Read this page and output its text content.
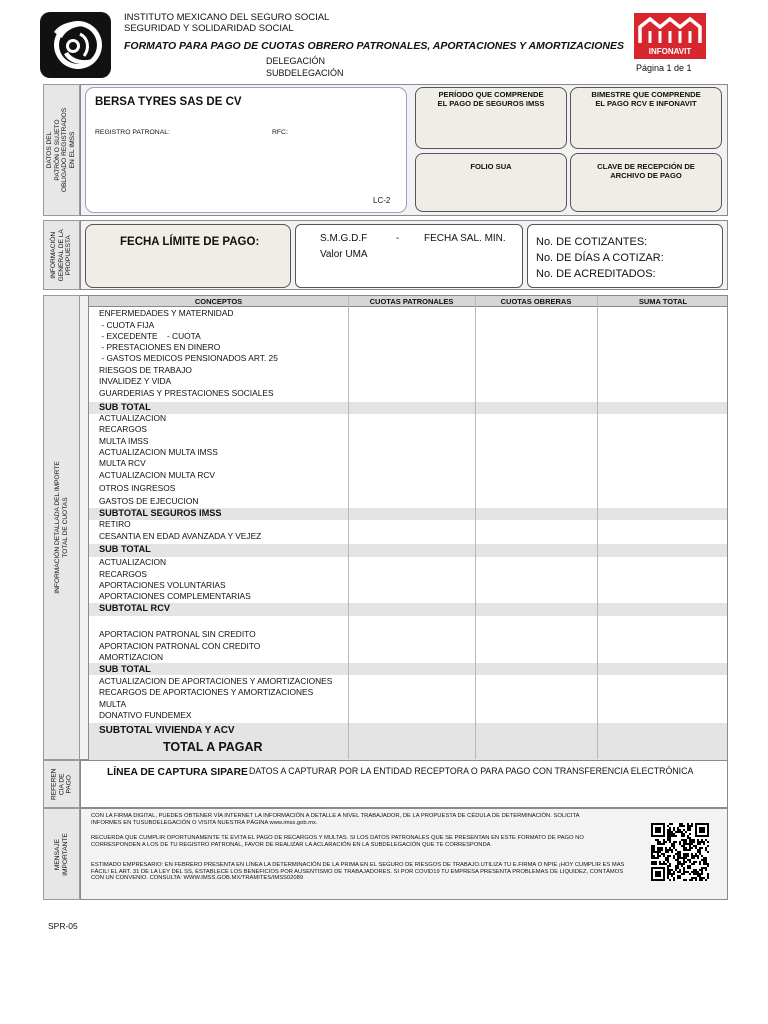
INSTITUTO MEXICANO DEL SEGURO SOCIAL
SEGURIDAD Y SOLIDARIDAD SOCIAL
FORMATO PARA PAGO DE CUOTAS OBRERO PATRONALES, APORTACIONES Y AMORTIZACIONES
DELEGACIÓN
SUBDELEGACIÓN
INFONAVIT
Página 1 de 1
DATOS DEL
PATRÓN O SUJETO
OBLIGADO REGISTRADOS
EN EL IMSS
BERSA TYRES SAS DE CV
REGISTRO PATRONAL:	RFC:
LC-2
PERÍODO QUE COMPRENDE
EL PAGO DE SEGUROS IMSS
BIMESTRE QUE COMPRENDE
EL PAGO RCV E INFONAVIT
FOLIO SUA	CLAVE DE RECEPCIÓN DE
ARCHIVO DE PAGO
INFORMACIÓN
GENERAL DE LA
PROPUESTA	FECHA LÍMITE DE PAGO:	S.M.G.D.F	- FECHA SAL. MIN.
Valor UMA
No. DE COTIZANTES:
No. DE DÍAS A COTIZAR:
No. DE ACREDITADOS:
INFORMACIÓN DETALLADA DEL IMPORTE
TOTAL DE CUOTAS
CONCEPTOS	CUOTAS PATRONALES	CUOTAS OBRERAS	SUMA TOTAL
ENFERMEDADES Y MATERNIDAD
- CUOTA FIJA
- EXCEDENTE    - CUOTA
- PRESTACIONES EN DINERO
- GASTOS MEDICOS PENSIONADOS ART. 25
RIESGOS DE TRABAJO
INVALIDEZ Y VIDA
GUARDERIAS Y PRESTACIONES SOCIALES
SUB TOTAL
ACTUALIZACION
RECARGOS
MULTA IMSS
ACTUALIZACION MULTA IMSS
MULTA RCV
ACTUALIZACION MULTA RCV
OTROS INGRESOS
GASTOS DE EJECUCION
SUBTOTAL SEGUROS IMSS
RETIRO
CESANTIA EN EDAD AVANZADA Y VEJEZ
SUB TOTAL
ACTUALIZACION
RECARGOS
APORTACIONES VOLUNTARIAS
APORTACIONES COMPLEMENTARIAS
SUBTOTAL RCV
APORTACION PATRONAL SIN CREDITO
APORTACION PATRONAL CON CREDITO
AMORTIZACION
SUB TOTAL
ACTUALIZACION DE APORTACIONES Y AMORTIZACIONES
RECARGOS DE APORTACIONES Y AMORTIZACIONES
MULTA
DONATIVO FUNDEMEX
SUBTOTAL VIVIENDA Y ACV
TOTAL A PAGAR
REFEREN
CIA DE
PAGO
LÍNEA DE CAPTURA SIPARE DATOS A CAPTURAR POR LA ENTIDAD RECEPTORA O PARA PAGO CON TRANSFERENCIA ELECTRÓNICA
MENSAJE
IMPORTANTE
CON LA FIRMA DIGITAL, PUEDES OBTENER VÍA INTERNET LA INFORMACIÓN A DETALLE A NIVEL TRABAJADOR, DE LA PROPUESTA DE CÉDULA DE DETERMINACIÓN. SOLICITA INFORMES EN TUSUBDELEGACIÓN O VISITA NUESTRA PÁGINA www.imss.gob.mx.
RECUERDA QUE CUMPLIR OPORTUNAMENTE TE EVITA EL PAGO DE RECARGOS Y MULTAS. SI LOS DATOS PATRONALES QUE SE PRESENTAN EN ESTE FORMATO DE PAGO NO CORRESPONDEN A LOS DE TU REGISTRO PATRONAL, FAVOR DE REALIZAR LA ACLARACIÓN EN LA SUBDELEGACIÓN QUE TE CORRESPONDA
ESTIMADO EMPRESARIO: EN FEBRERO PRESENTA EN LÍNEA LA DETERMINACIÓN DE LA PRIMA EN EL SEGURO DE RIESGOS DE TRABAJO.UTILIZA TU E.FIRMA O NPIE ¡HOY CUMPLIR ES MAS FÁCIL! EL ART. 31 DE LA LEY DEL SS, ESTABLECE LOS BENEFICIOS POR AUSENTISMO DE TRABAJADORES. SI POR COVID19 TU EMPRESA PRESENTA PROBLEMAS DE LIQUIDEZ, CONTÁMOS CON UN CONVENIO. CONSULTA: WWW.IMSS.GOB.MX/TRAMITES/IMSS02089
SPR-05
